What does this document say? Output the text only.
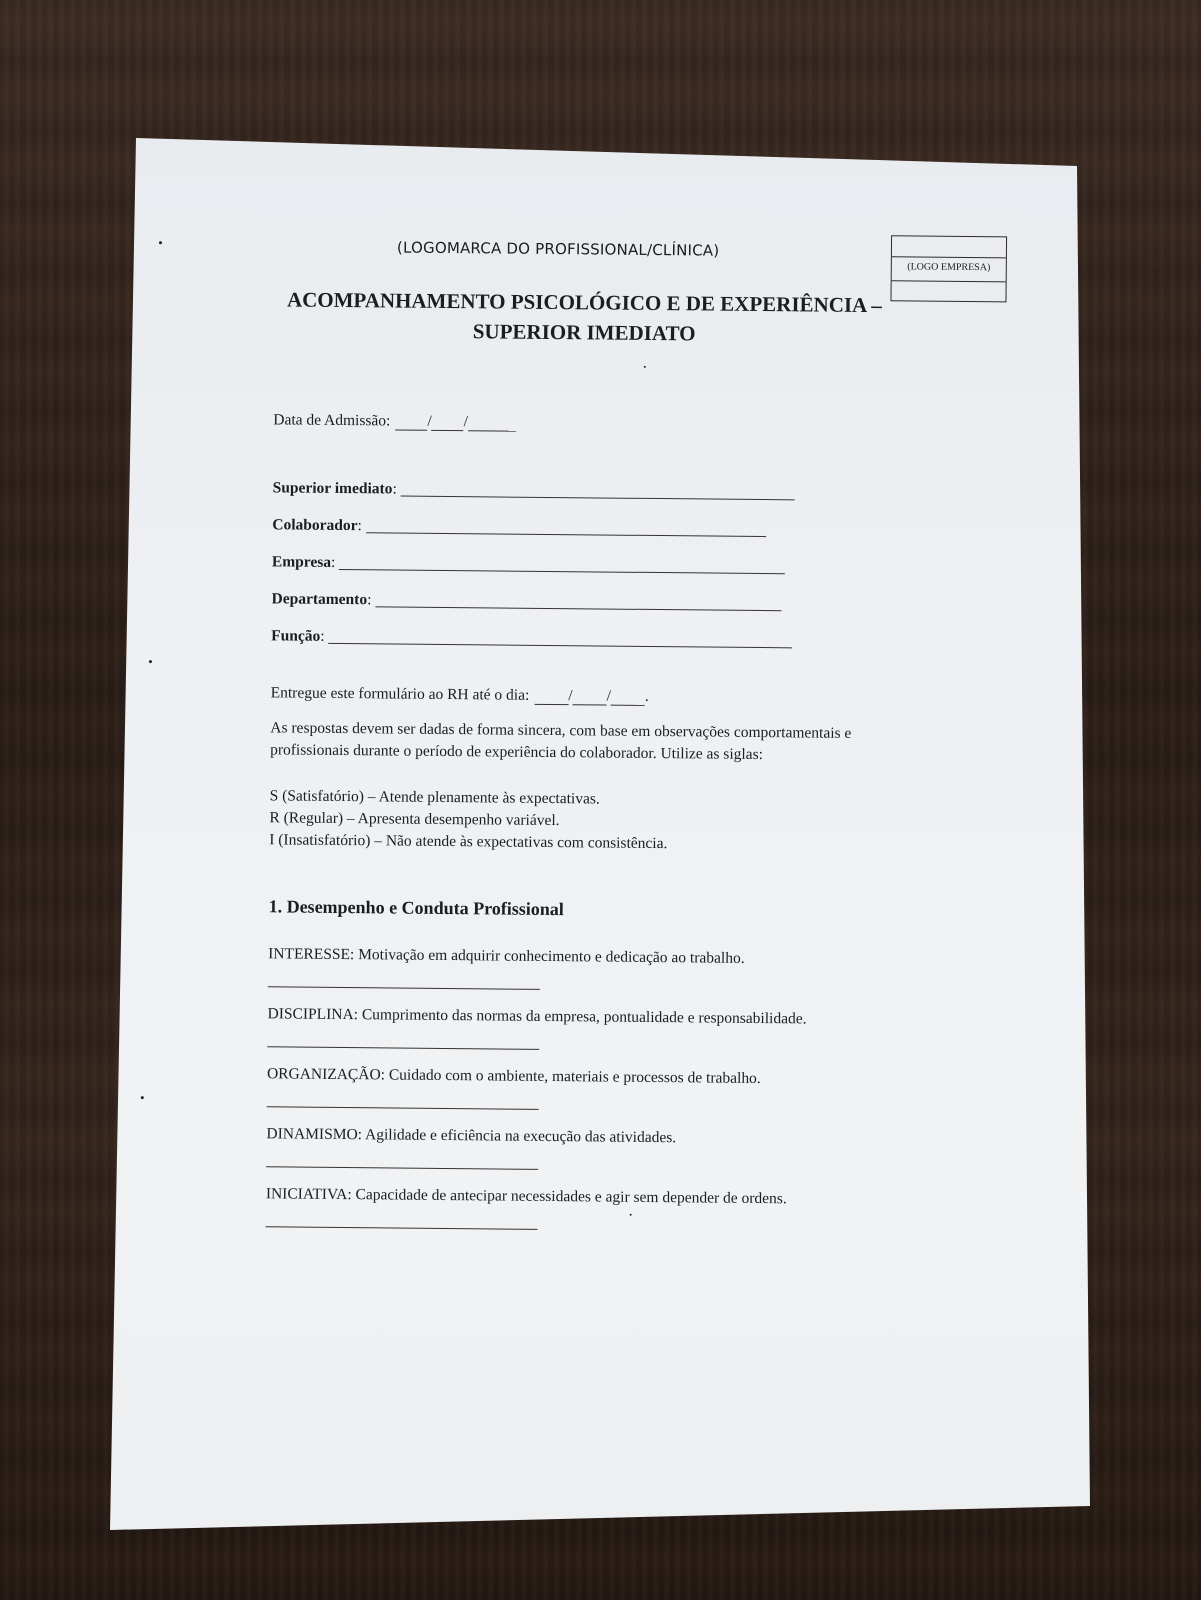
(LOGOMARCA DO PROFISSIONAL/CLÍNICA)
(LOGO EMPRESA)
ACOMPANHAMENTO PSICOLÓGICO E DE EXPERIÊNCIA –
SUPERIOR IMEDIATO
Data de Admissão:	/ /
Superior imediato :
Colaborador :
Empresa :
Departamento :
Função :
Entregue este formulário ao RH até o dia:	/ / .
As respostas devem ser dadas de forma sincera, com base em observações comportamentais e
profissionais durante o período de experiência do colaborador. Utilize as siglas:
S (Satisfatório) – Atende plenamente às expectativas.
R (Regular) – Apresenta desempenho variável.
I (Insatisfatório) – Não atende às expectativas com consistência.
1. Desempenho e Conduta Profissional
INTERESSE: Motivação em adquirir conhecimento e dedicação ao trabalho.
DISCIPLINA: Cumprimento das normas da empresa, pontualidade e responsabilidade.
ORGANIZAÇÃO: Cuidado com o ambiente, materiais e processos de trabalho.
DINAMISMO: Agilidade e eficiência na execução das atividades.
INICIATIVA: Capacidade de antecipar necessidades e agir sem depender de ordens.
